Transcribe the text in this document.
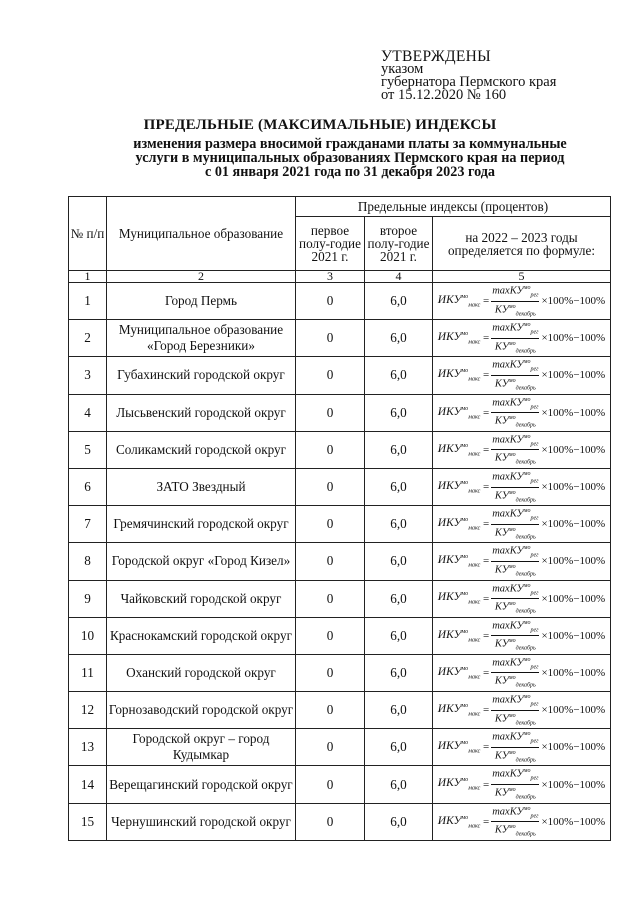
УТВЕРЖДЕНЫ
указом
губернатора Пермского края
от 15.12.2020 № 160
ПРЕДЕЛЬНЫЕ (МАКСИМАЛЬНЫЕ) ИНДЕКСЫ
изменения размера вносимой гражданами платы за коммунальные
услуги в муниципальных образованиях Пермского края на период
с 01 января 2021 года по 31 декабря 2023 года
№ п/п	Муниципальное образование	Предельные индексы (процентов)		
		первое полу-годие 2021 г.	второе полу-годие 2021 г.	на 2022 – 2023 годы определяется по формуле:
1	2	3	4	5
1	Город Пермь	0	6,0	$ИКУ^{мо}_{макс} = \frac{\max КУ^{мо}_{рег}}{КУ^{мо}_{декабрь}} \times 100\%-100\%$

2	Муниципальное образование «Город Березники»	0	6,0	$ИКУ^{мо}_{макс} = \frac{\max КУ^{мо}_{рег}}{КУ^{мо}_{декабрь}} \times 100\%-100\%$

3	Губахинский городской округ	0	6,0	$ИКУ^{мо}_{макс} = \frac{\max КУ^{мо}_{рег}}{КУ^{мо}_{декабрь}} \times 100\%-100\%$

4	Лысьвенский городской округ	0	6,0	$ИКУ^{мо}_{макс} = \frac{\max КУ^{мо}_{рег}}{КУ^{мо}_{декабрь}} \times 100\%-100\%$

5	Соликамский городской округ	0	6,0	$ИКУ^{мо}_{макс} = \frac{\max КУ^{мо}_{рег}}{КУ^{мо}_{декабрь}} \times 100\%-100\%$

6	ЗАТО Звездный	0	6,0	$ИКУ^{мо}_{макс} = \frac{\max КУ^{мо}_{рег}}{КУ^{мо}_{декабрь}} \times 100\%-100\%$

7	Гремячинский городской округ	0	6,0	$ИКУ^{мо}_{макс} = \frac{\max КУ^{мо}_{рег}}{КУ^{мо}_{декабрь}} \times 100\%-100\%$

8	Городской округ «Город Кизел»	0	6,0	$ИКУ^{мо}_{макс} = \frac{\max КУ^{мо}_{рег}}{КУ^{мо}_{декабрь}} \times 100\%-100\%$

9	Чайковский городской округ	0	6,0	$ИКУ^{мо}_{макс} = \frac{\max КУ^{мо}_{рег}}{КУ^{мо}_{декабрь}} \times 100\%-100\%$

10	Краснокамский городской округ	0	6,0	$ИКУ^{мо}_{макс} = \frac{\max КУ^{мо}_{рег}}{КУ^{мо}_{декабрь}} \times 100\%-100\%$

11	Оханский городской округ	0	6,0	$ИКУ^{мо}_{макс} = \frac{\max КУ^{мо}_{рег}}{КУ^{мо}_{декабрь}} \times 100\%-100\%$

12	Горнозаводский городской округ	0	6,0	$ИКУ^{мо}_{макс} = \frac{\max КУ^{мо}_{рег}}{КУ^{мо}_{декабрь}} \times 100\%-100\%$

13	Городской округ – город Кудымкар	0	6,0	$ИКУ^{мо}_{макс} = \frac{\max КУ^{мо}_{рег}}{КУ^{мо}_{декабрь}} \times 100\%-100\%$

14	Верещагинский городской округ	0	6,0	$ИКУ^{мо}_{макс} = \frac{\max КУ^{мо}_{рег}}{КУ^{мо}_{декабрь}} \times 100\%-100\%$

15	Чернушинский городской округ	0	6,0	$ИКУ^{мо}_{макс} = \frac{\max КУ^{мо}_{рег}}{КУ^{мо}_{декабрь}} \times 100\%-100\%$
